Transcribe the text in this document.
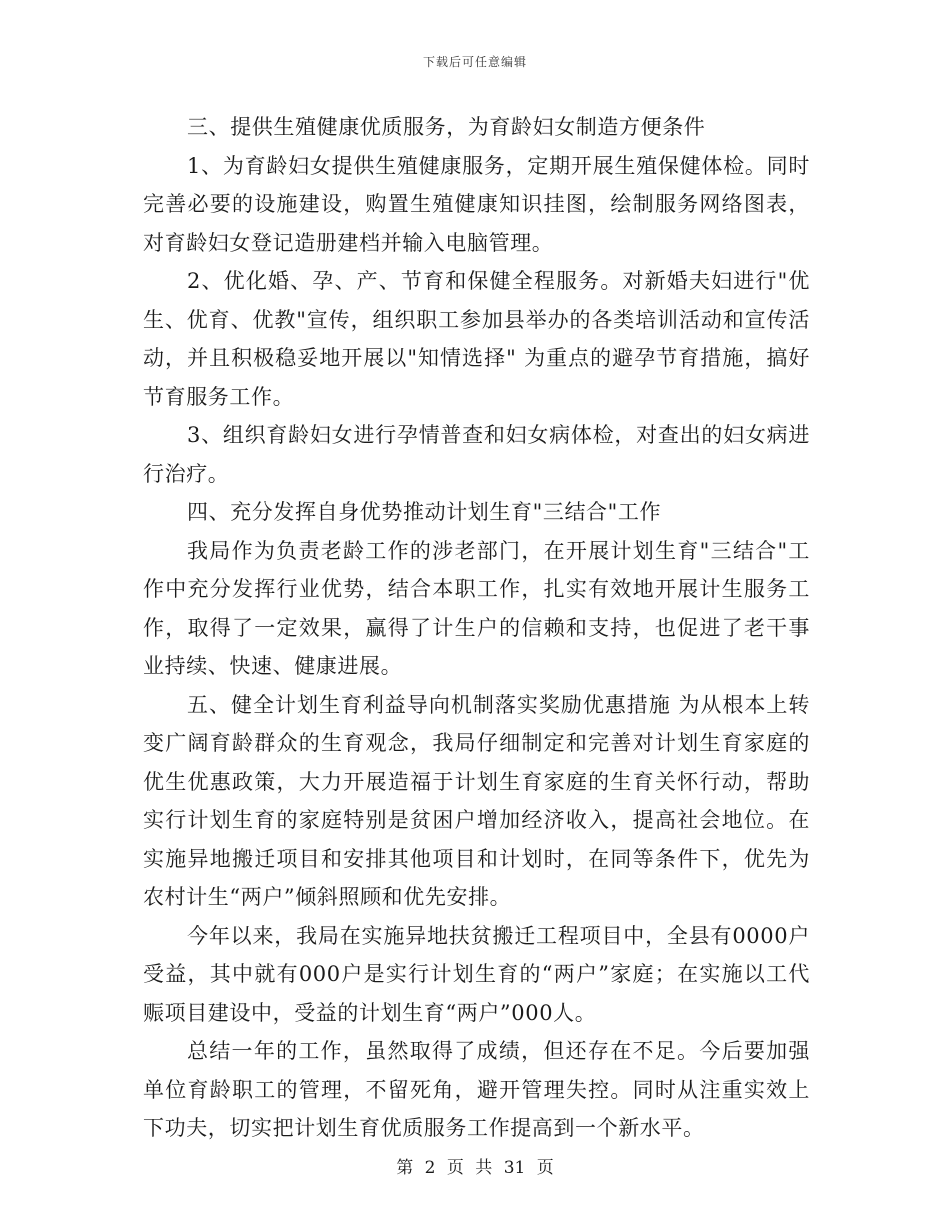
下载后可任意编辑

三、提供生殖健康优质服务，为育龄妇女制造方便条件

1、为育龄妇女提供生殖健康服务，定期开展生殖保健体检。同时完善必要的设施建设，购置生殖健康知识挂图，绘制服务网络图表，对育龄妇女登记造册建档并输入电脑管理。

2、优化婚、孕、产、节育和保健全程服务。对新婚夫妇进行"优生、优育、优教"宣传，组织职工参加县举办的各类培训活动和宣传活动，并且积极稳妥地开展以"知情选择" 为重点的避孕节育措施，搞好节育服务工作。

3、组织育龄妇女进行孕情普查和妇女病体检，对查出的妇女病进行治疗。

四、充分发挥自身优势推动计划生育"三结合"工作

我局作为负责老龄工作的涉老部门，在开展计划生育"三结合"工作中充分发挥行业优势，结合本职工作，扎实有效地开展计生服务工作，取得了一定效果，赢得了计生户的信赖和支持，也促进了老干事业持续、快速、健康进展。

五、健全计划生育利益导向机制落实奖励优惠措施 为从根本上转变广阔育龄群众的生育观念，我局仔细制定和完善对计划生育家庭的优生优惠政策，大力开展造福于计划生育家庭的生育关怀行动，帮助实行计划生育的家庭特别是贫困户增加经济收入，提高社会地位。在实施异地搬迁项目和安排其他项目和计划时，在同等条件下，优先为农村计生“两户”倾斜照顾和优先安排。

今年以来，我局在实施异地扶贫搬迁工程项目中，全县有0000户受益，其中就有000户是实行计划生育的“两户”家庭；在实施以工代赈项目建设中，受益的计划生育“两户”000人。

总结一年的工作，虽然取得了成绩，但还存在不足。今后要加强单位育龄职工的管理，不留死角，避开管理失控。同时从注重实效上下功夫，切实把计划生育优质服务工作提高到一个新水平。

第 2 页 共 31 页
